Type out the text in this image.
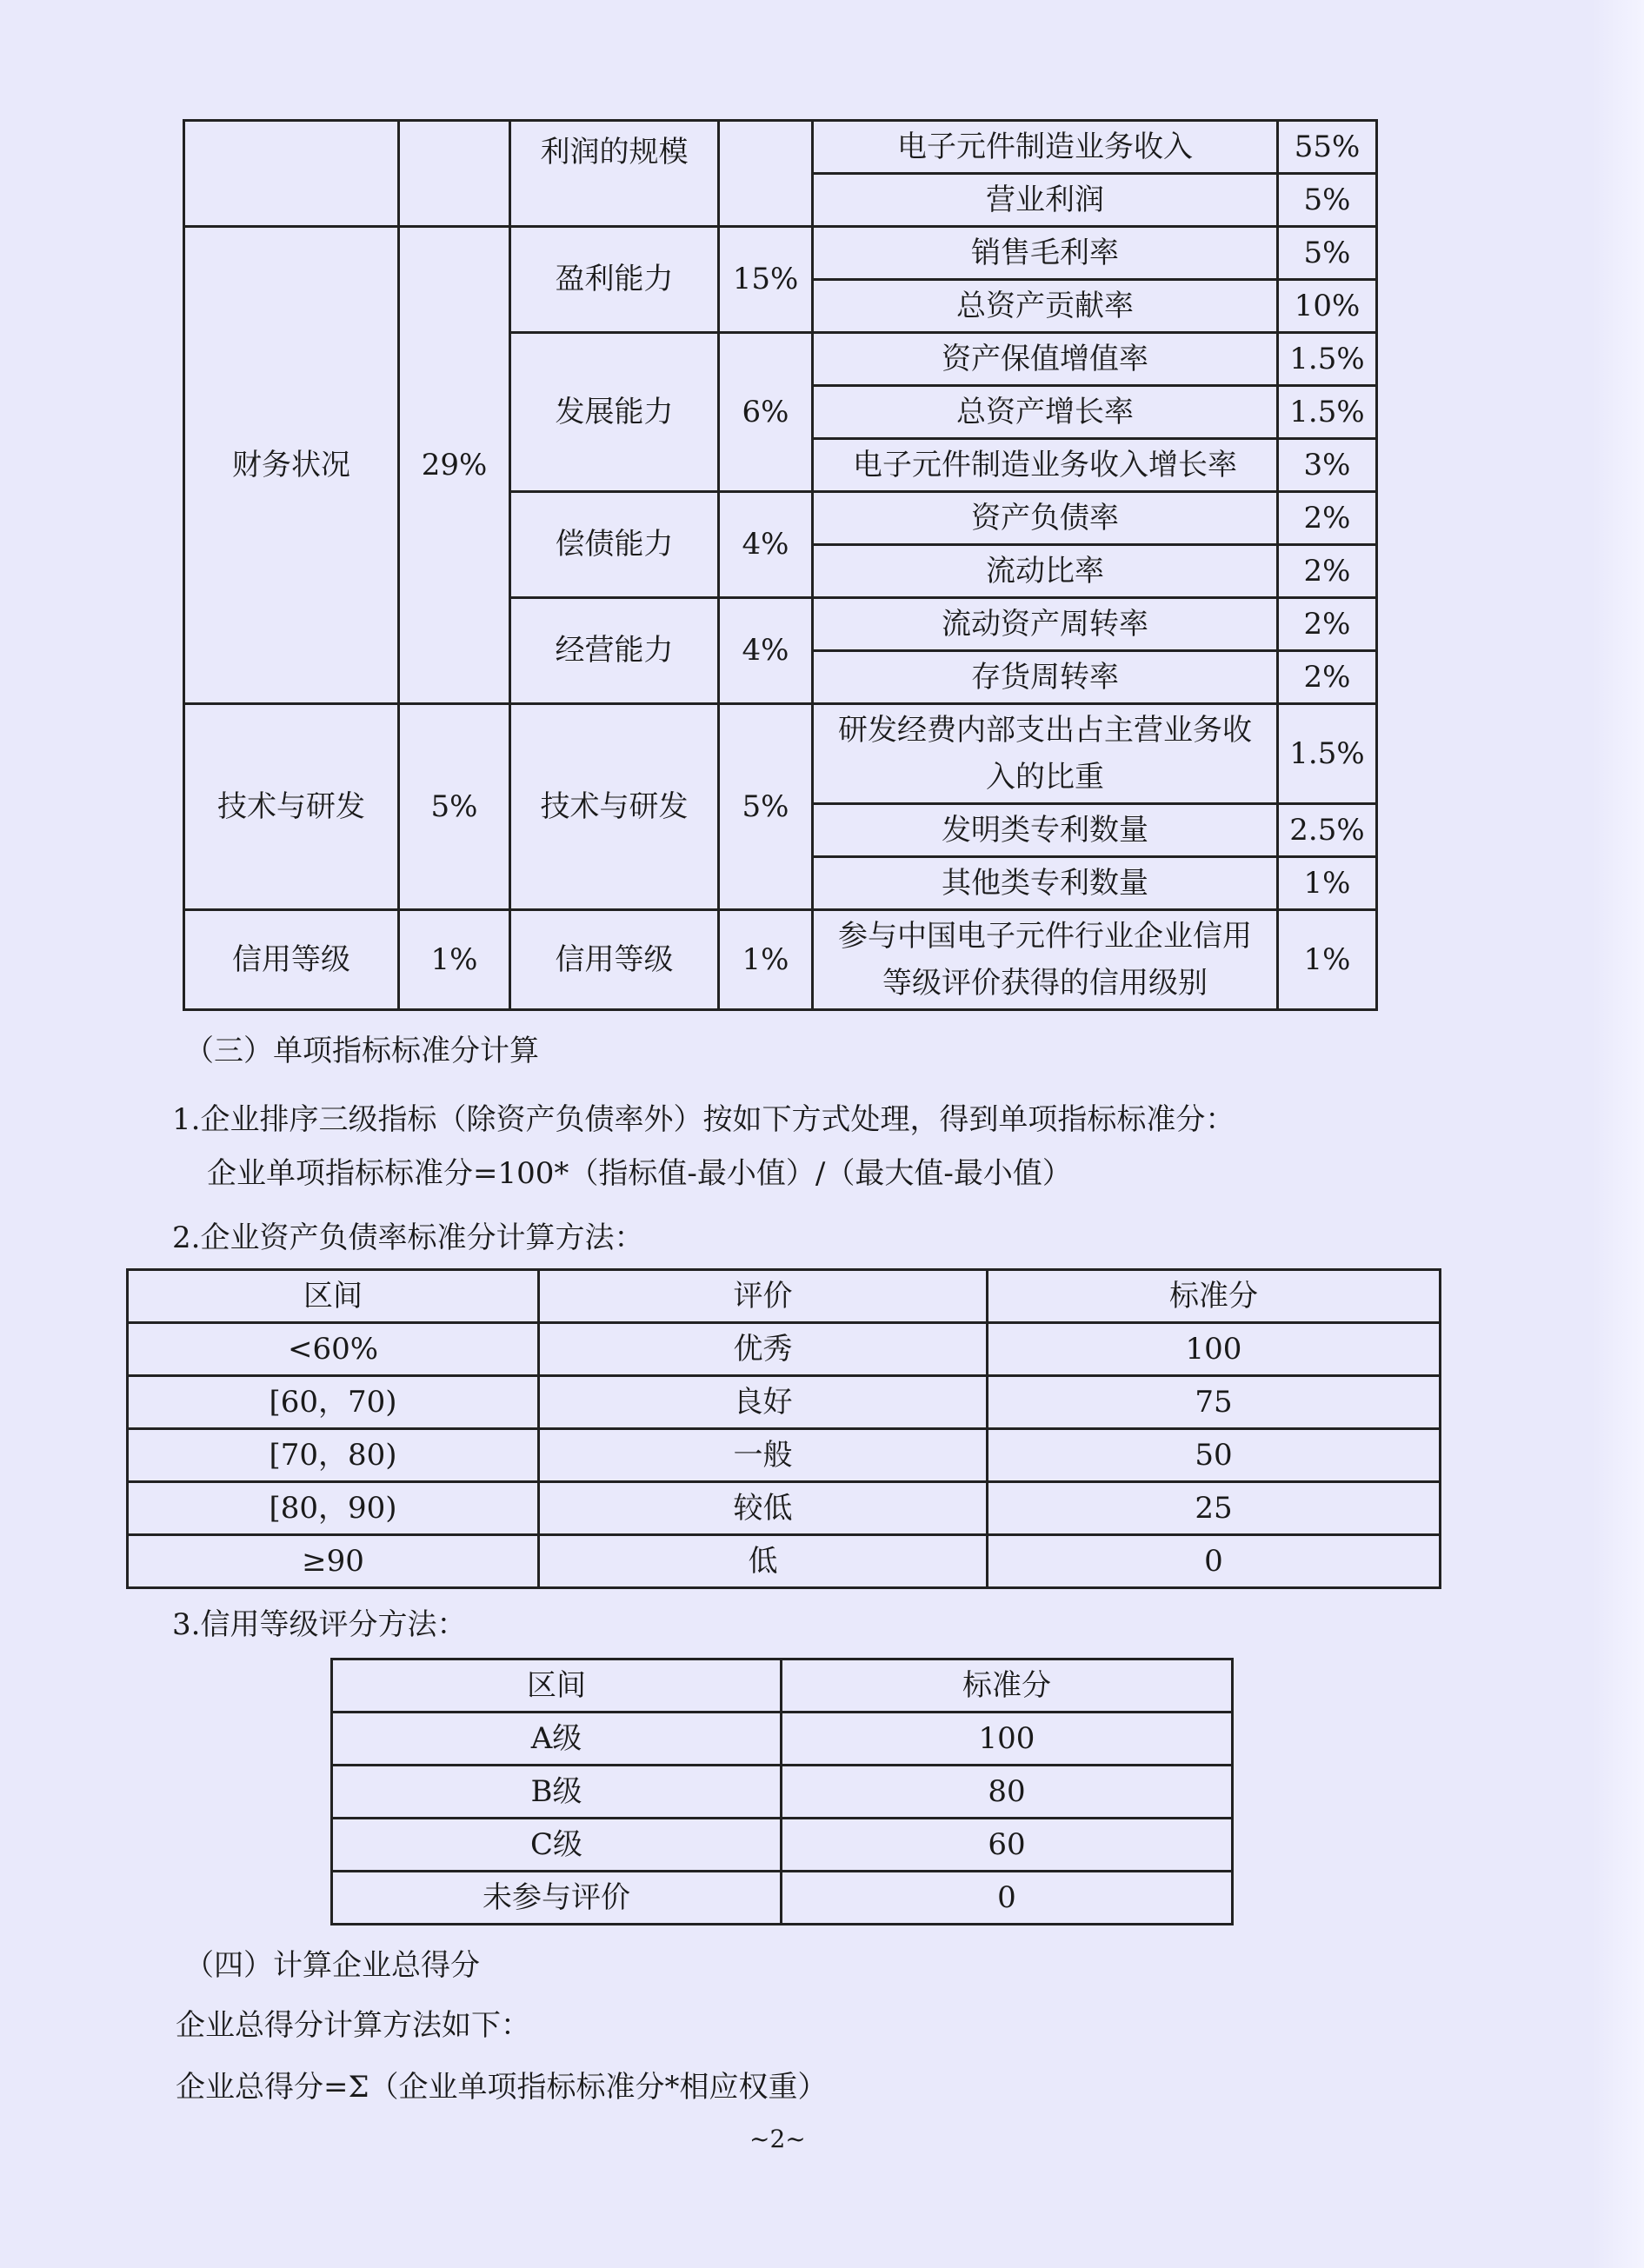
		利润的规模		电子元件制造业务收入	55%
				营业利润	5%
财务状况	29%	盈利能力	15%	销售毛利率	5%
				总资产贡献率	10%
		发展能力	6%	资产保值增值率	1.5%
				总资产增长率	1.5%
				电子元件制造业务收入增长率	3%
		偿债能力	4%	资产负债率	2%
				流动比率	2%
		经营能力	4%	流动资产周转率	2%
				存货周转率	2%
技术与研发	5%	技术与研发	5%	研发经费内部支出占主营业务收入的比重	1.5%
				发明类专利数量	2.5%
				其他类专利数量	1%
信用等级	1%	信用等级	1%	参与中国电子元件行业企业信用等级评价获得的信用级别	1%
（三）单项指标标准分计算
1.企业排序三级指标（除资产负债率外）按如下方式处理，得到单项指标标准分：
企业单项指标标准分=100*（指标值-最小值）/（最大值-最小值）
2.企业资产负债率标准分计算方法：
区间	评价	标准分
<60%	优秀	100
[60，70)	良好	75
[70，80)	一般	50
[80，90)	较低	25
≥90	低	0
3.信用等级评分方法：
区间	标准分
A级	100
B级	80
C级	60
未参与评价	0
（四）计算企业总得分
企业总得分计算方法如下：
企业总得分=Σ（企业单项指标标准分*相应权重）
~2~
